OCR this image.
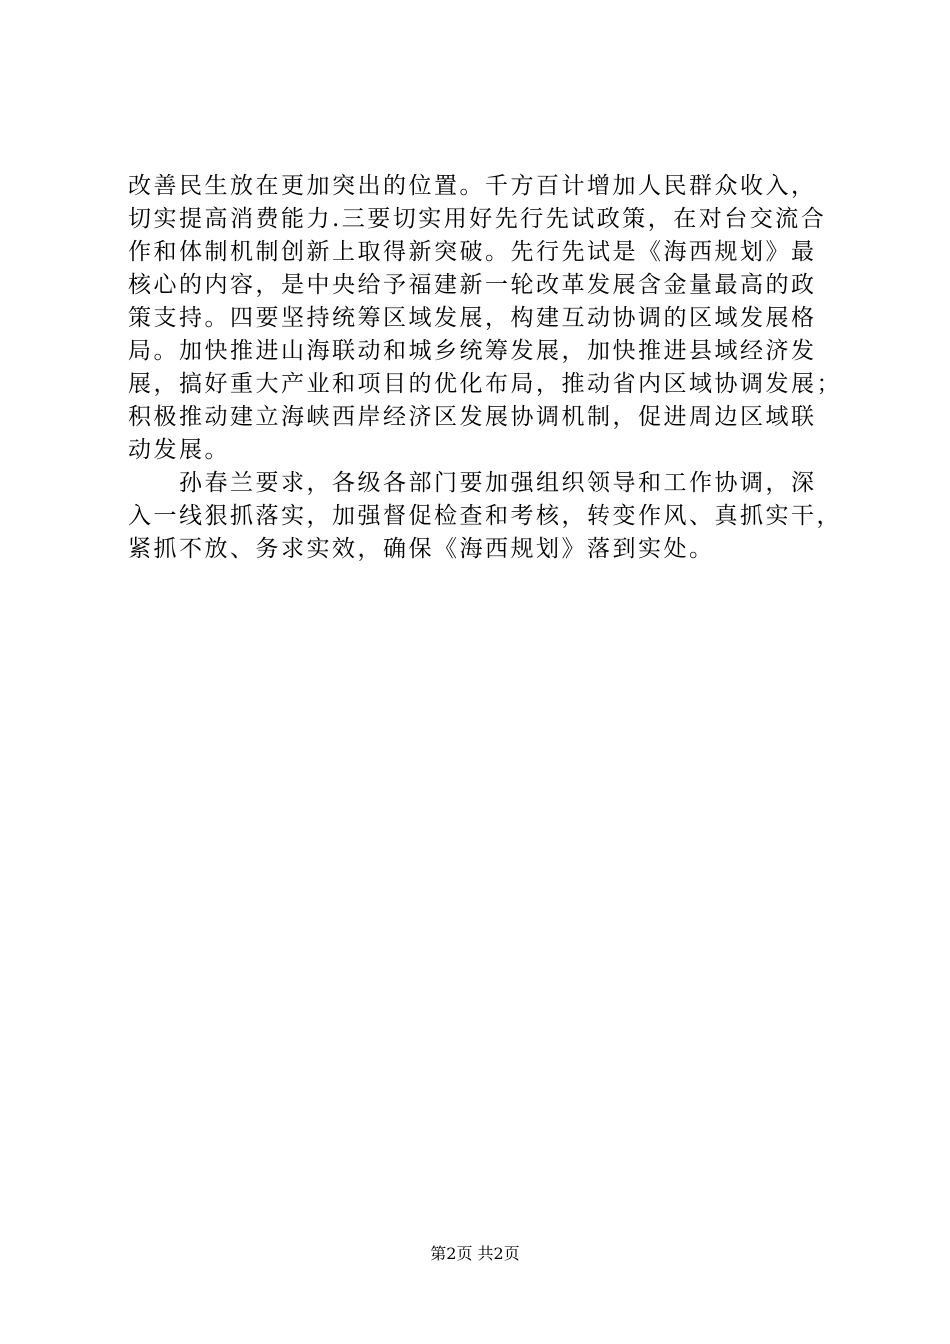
改善民生放在更加突出的位置。千方百计增加人民群众收入，
切实提高消费能力.三要切实用好先行先试政策，在对台交流合
作和体制机制创新上取得新突破。先行先试是《海西规划》最
核心的内容，是中央给予福建新一轮改革发展含金量最高的政
策支持。四要坚持统筹区域发展，构建互动协调的区域发展格
局。加快推进山海联动和城乡统筹发展，加快推进县域经济发
展，搞好重大产业和项目的优化布局，推动省内区域协调发展；
积极推动建立海峡西岸经济区发展协调机制，促进周边区域联
动发展。
　　孙春兰要求，各级各部门要加强组织领导和工作协调，深
入一线狠抓落实，加强督促检查和考核，转变作风、真抓实干，
紧抓不放、务求实效，确保《海西规划》落到实处。
第2页 共2页
